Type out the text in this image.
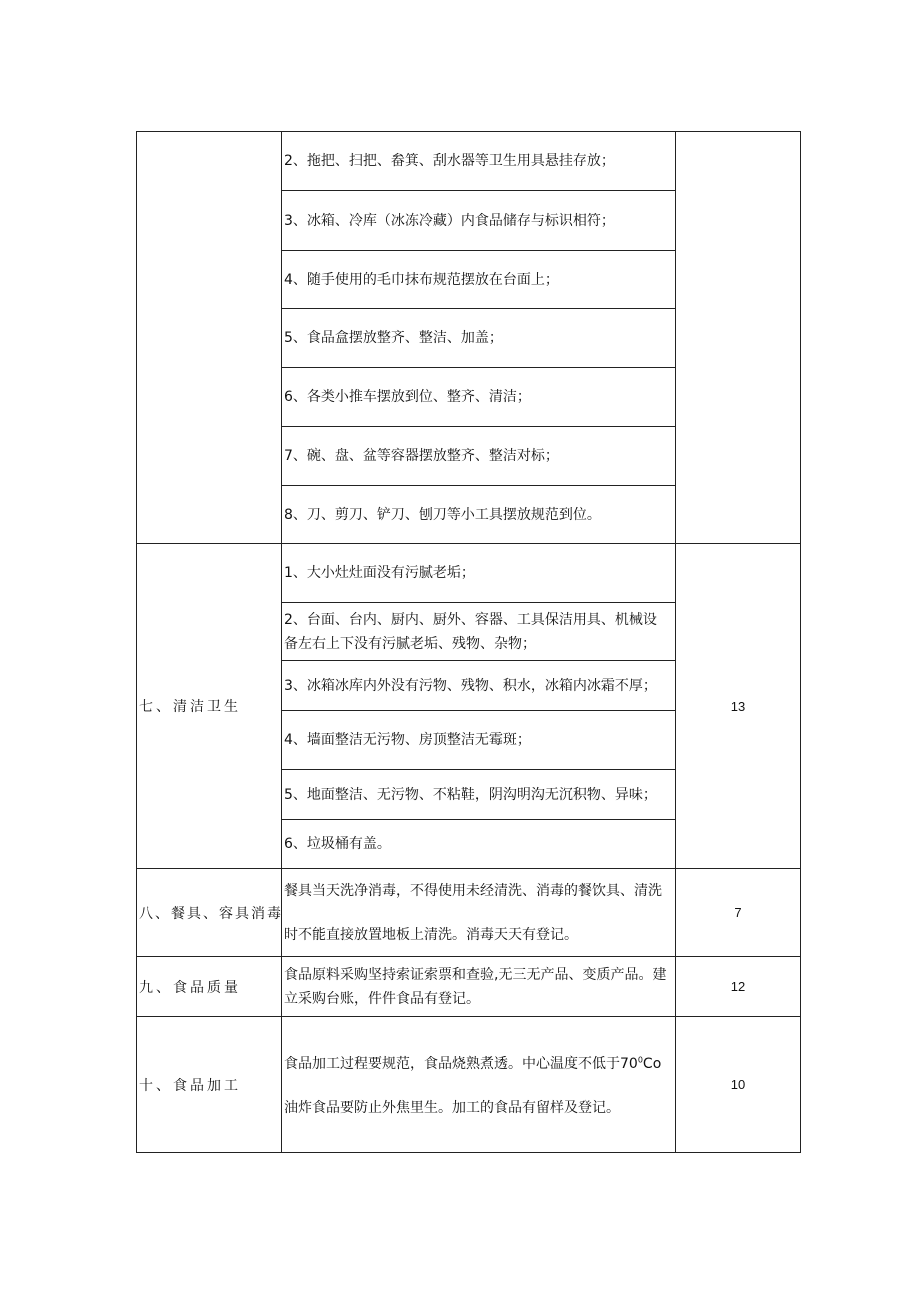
2、拖把、扫把、畚箕、刮水器等卫生用具悬挂存放；
3、冰箱、冷库（冰冻冷藏）内食品储存与标识相符；
4、随手使用的毛巾抹布规范摆放在台面上；
5、食品盒摆放整齐、整洁、加盖；
6、各类小推车摆放到位、整齐、清洁；
7、碗、盘、盆等容器摆放整齐、整洁对标；
8、刀、剪刀、铲刀、刨刀等小工具摆放规范到位。
七、清洁卫生
1、大小灶灶面没有污腻老垢；
2、台面、台内、厨内、厨外、容器、工具保洁用具、机械设备左右上下没有污腻老垢、残物、杂物；
3、冰箱冰库内外没有污物、残物、积水，冰箱内冰霜不厚；
4、墙面整洁无污物、房顶整洁无霉斑；
5、地面整洁、无污物、不粘鞋，阴沟明沟无沉积物、异味；
6、垃圾桶有盖。
13
八、餐具、容具消毒
餐具当天洗净消毒，不得使用未经清洗、消毒的餐饮具、清洗时不能直接放置地板上清洗。消毒天天有登记。
7
九、食品质量
食品原料采购坚持索证索票和查验,无三无产品、变质产品。建立采购台账，件件食品有登记。
12
十、食品加工
食品加工过程要规范，食品烧熟煮透。中心温度不低于$70^0Co$油炸食品要防止外焦里生。加工的食品有留样及登记。
10
